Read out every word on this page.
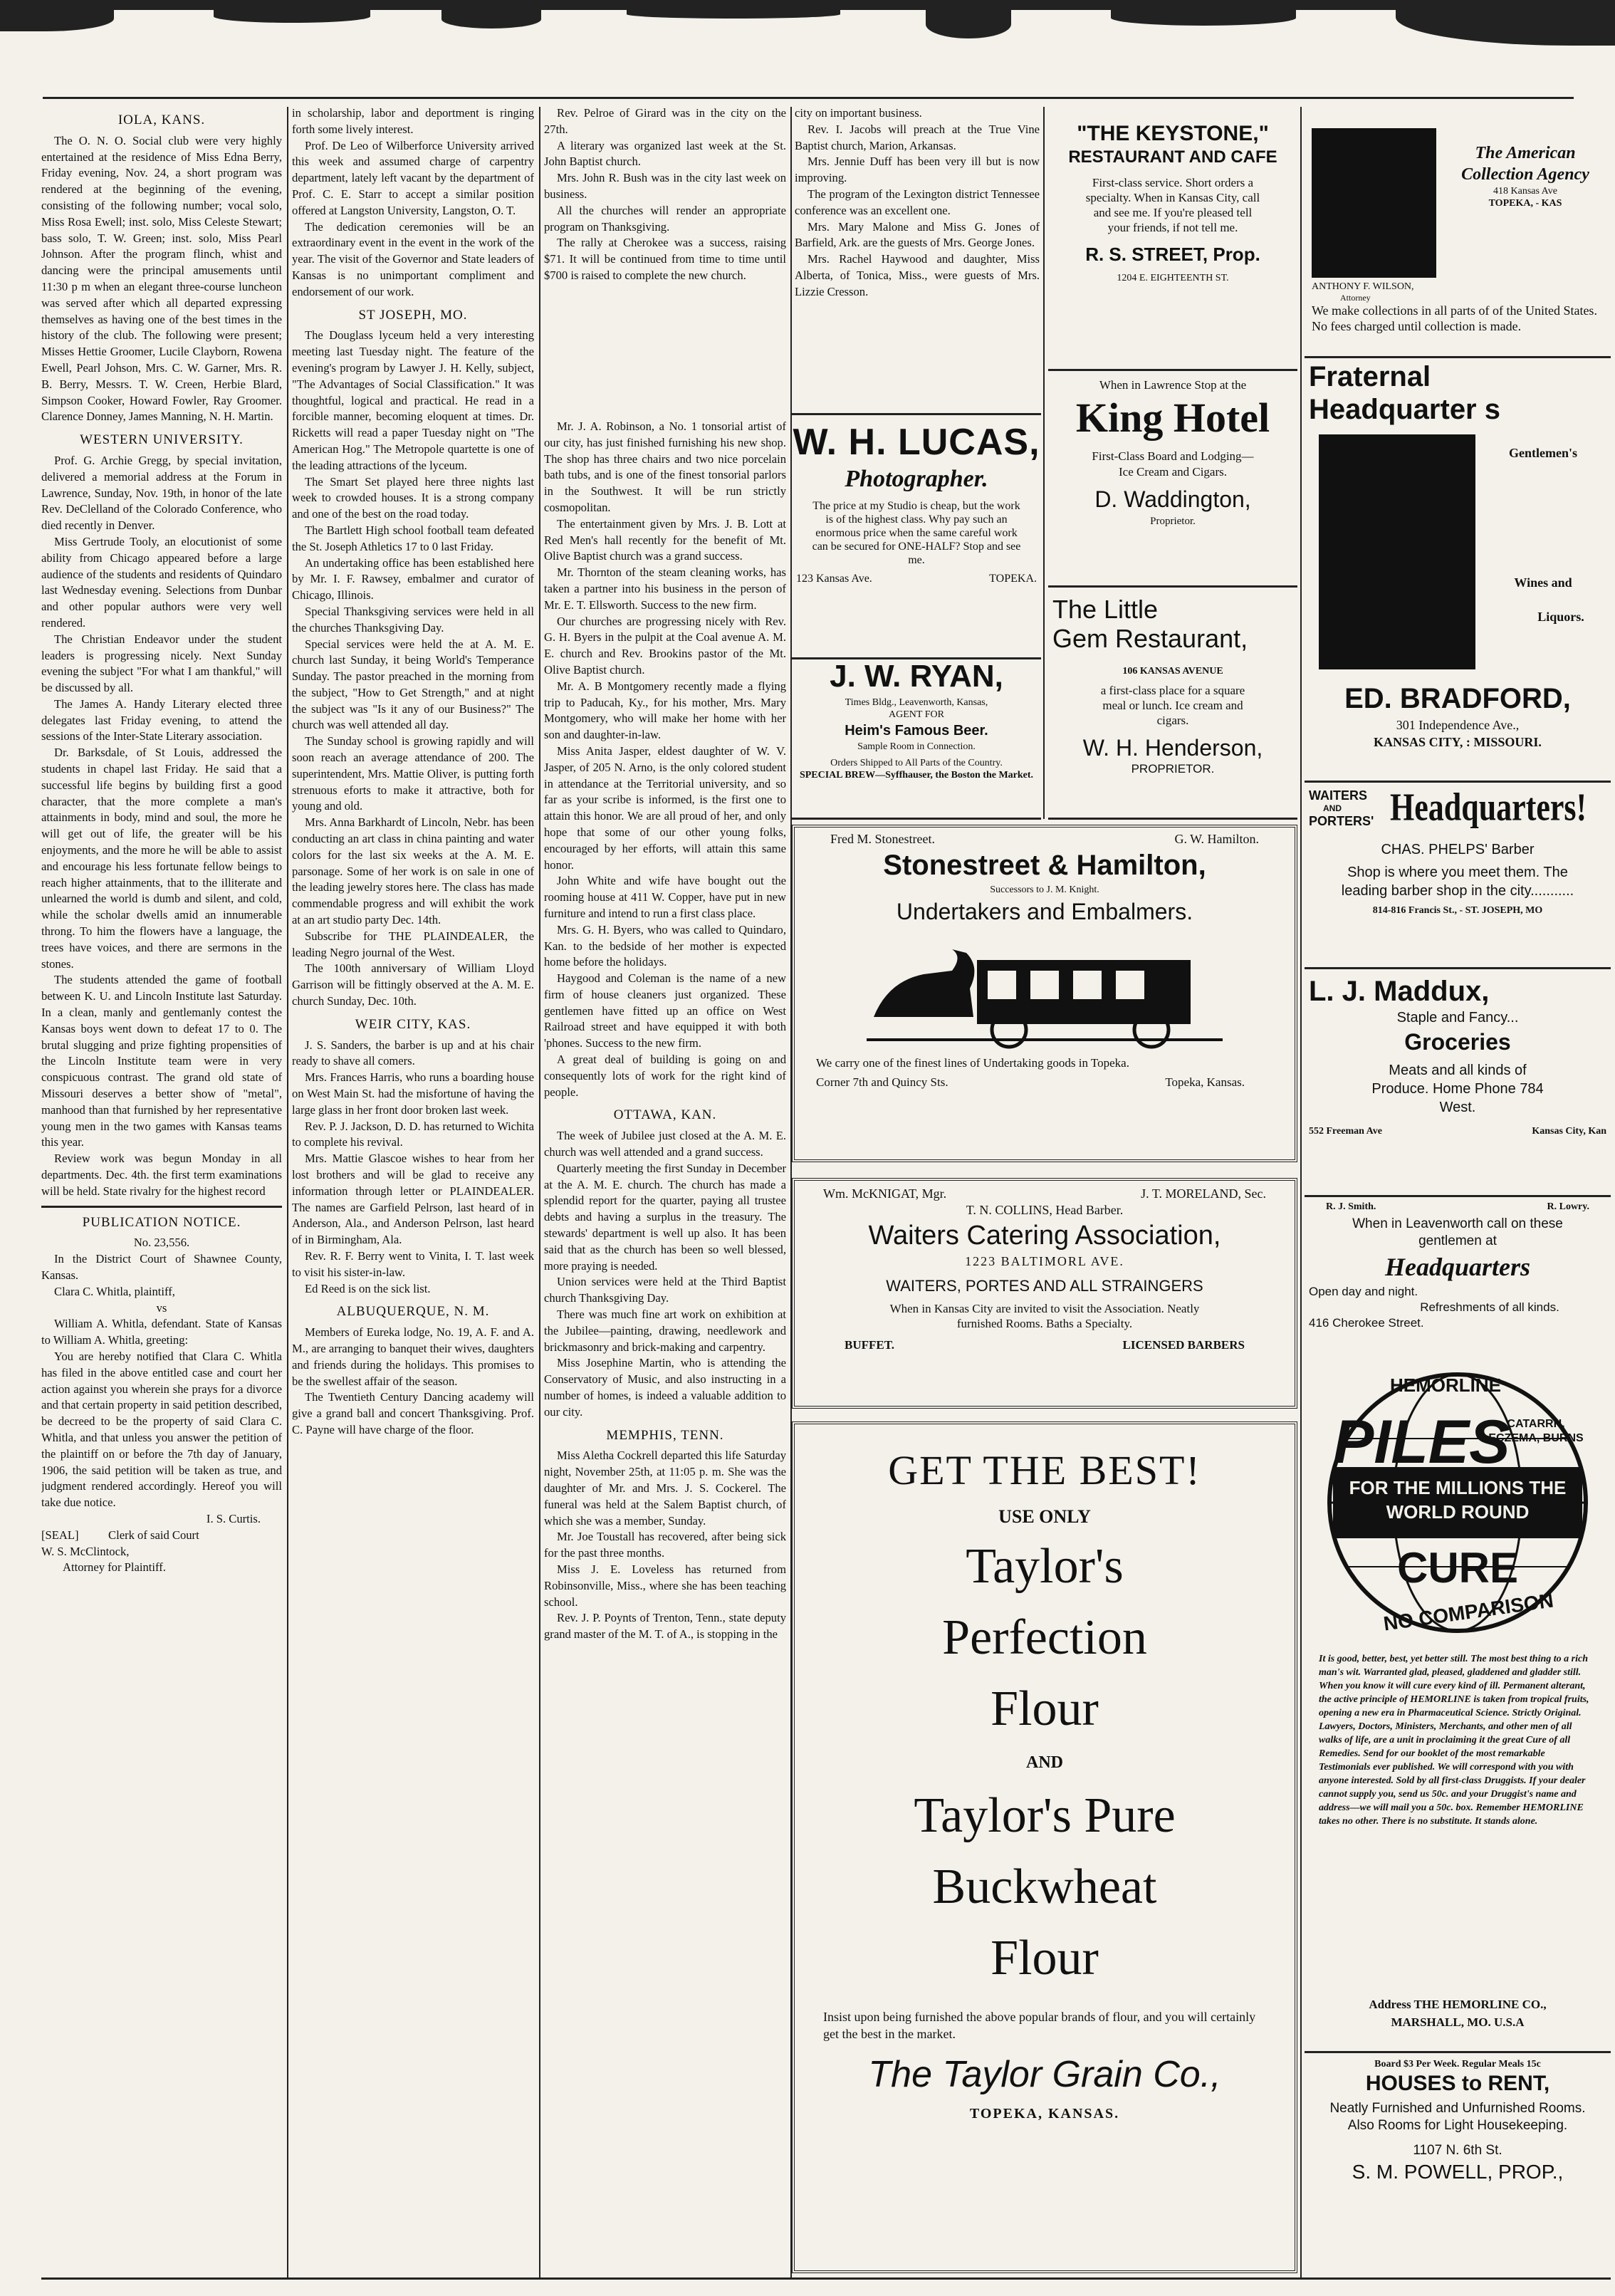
IOLA, KANS.

The O. N. O. Social club were very highly entertained at the residence of Miss Edna Berry, Friday evening, Nov. 24, a short program was rendered at the beginning of the evening, consisting of the following number; vocal solo, Miss Rosa Ewell; inst. solo, Miss Celeste Stewart; bass solo, T. W. Green; inst. solo, Miss Pearl Johnson. After the program flinch, whist and dancing were the principal amusements until 11:30 p m when an elegant three-course luncheon was served after which all departed expressing themselves as having one of the best times in the history of the club. The following were present; Misses Hettie Groomer, Lucile Clayborn, Rowena Ewell, Pearl Johson, Mrs. C. W. Garner, Mrs. R. B. Berry, Messrs. T. W. Creen, Herbie Blard, Simpson Cooker, Howard Fowler, Ray Groomer. Clarence Donney, James Manning, N. H. Martin.

WESTERN UNIVERSITY.

Prof. G. Archie Gregg, by special invitation, delivered a memorial address at the Forum in Lawrence, Sunday, Nov. 19th, in honor of the late Rev. DeClelland of the Colorado Conference, who died recently in Denver.

Miss Gertrude Tooly, an elocutionist of some ability from Chicago appeared before a large audience of the students and residents of Quindaro last Wednesday evening. Selections from Dunbar and other popular authors were very well rendered.

The Christian Endeavor under the student leaders is progressing nicely. Next Sunday evening the subject "For what I am thankful," will be discussed by all.

The James A. Handy Literary elected three delegates last Friday evening, to attend the sessions of the Inter-State Literary association.

Dr. Barksdale, of St Louis, addressed the students in chapel last Friday. He said that a successful life begins by building first a good character, that the more complete a man's attainments in body, mind and soul, the more he will get out of life, the greater will be his enjoyments, and the more he will be able to assist and encourage his less fortunate fellow beings to reach higher attainments, that to the illiterate and unlearned the world is dumb and silent, and cold, while the scholar dwells amid an innumerable throng. To him the flowers have a language, the trees have voices, and there are sermons in the stones.

The students attended the game of football between K. U. and Lincoln Institute last Saturday. In a clean, manly and gentlemanly contest the Kansas boys went down to defeat 17 to 0. The brutal slugging and prize fighting propensities of the Lincoln Institute team were in very conspicuous contrast. The grand old state of Missouri deserves a better show of "metal", manhood than that furnished by her representative young men in the two games with Kansas teams this year.

Review work was begun Monday in all departments. Dec. 4th. the first term examinations will be held. State rivalry for the highest record

PUBLICATION NOTICE.

No. 23,556.

In the District Court of Shawnee County, Kansas.

Clara C. Whitla, plaintiff,

vs

William A. Whitla, defendant. State of Kansas to William A. Whitla, greeting:

You are hereby notified that Clara C. Whitla has filed in the above entitled case and court her action against you wherein she prays for a divorce and that certain property in said petition described, be decreed to be the property of said Clara C. Whitla, and that unless you answer the petition of the plaintiff on or before the 7th day of January, 1906, the said petition will be taken as true, and judgment rendered accordingly. Hereof you will take due notice.

I. S. Curtis.

[SEAL]          Clerk of said Court

W. S. McClintock,

Attorney for Plaintiff.

in scholarship, labor and deportment is ringing forth some lively interest.

Prof. De Leo of Wilberforce University arrived this week and assumed charge of carpentry department, lately left vacant by the department of Prof. C. E. Starr to accept a similar position offered at Langston University, Langston, O. T.

The dedication ceremonies will be an extraordinary event in the event in the work of the year. The visit of the Governor and State leaders of Kansas is no unimportant compliment and endorsement of our work.

ST JOSEPH, MO.

The Douglass lyceum held a very interesting meeting last Tuesday night. The feature of the evening's program by Lawyer J. H. Kelly, subject, "The Advantages of Social Classification." It was thoughtful, logical and practical. He read in a forcible manner, becoming eloquent at times. Dr. Ricketts will read a paper Tuesday night on "The American Hog." The Metropole quartette is one of the leading attractions of the lyceum.

The Smart Set played here three nights last week to crowded houses. It is a strong company and one of the best on the road today.

The Bartlett High school football team defeated the St. Joseph Athletics 17 to 0 last Friday.

An undertaking office has been established here by Mr. I. F. Rawsey, embalmer and curator of Chicago, Illinois.

Special Thanksgiving services were held in all the churches Thanksgiving Day.

Special services were held the at A. M. E. church last Sunday, it being World's Temperance Sunday. The pastor preached in the morning from the subject, "How to Get Strength," and at night the subject was "Is it any of our Business?" The church was well attended all day.

The Sunday school is growing rapidly and will soon reach an average attendance of 200. The superintendent, Mrs. Mattie Oliver, is putting forth strenuous eforts to make it attractive, both for young and old.

Mrs. Anna Barkhardt of Lincoln, Nebr. has been conducting an art class in china painting and water colors for the last six weeks at the A. M. E. parsonage. Some of her work is on sale in one of the leading jewelry stores here. The class has made commendable progress and will exhibit the work at an art studio party Dec. 14th.

Subscribe for THE PLAINDEALER, the leading Negro journal of the West.

The 100th anniversary of William Lloyd Garrison will be fittingly observed at the A. M. E. church Sunday, Dec. 10th.

WEIR CITY, KAS.

J. S. Sanders, the barber is up and at his chair ready to shave all comers.

Mrs. Frances Harris, who runs a boarding house on West Main St. had the misfortune of having the large glass in her front door broken last week.

Rev. P. J. Jackson, D. D. has returned to Wichita to complete his revival.

Mrs. Mattie Glascoe wishes to hear from her lost brothers and will be glad to receive any information through letter or PLAINDEALER. The names are Garfield Pelrson, last heard of in Anderson, Ala., and Anderson Pelrson, last heard of in Birmingham, Ala.

Rev. R. F. Berry went to Vinita, I. T. last week to visit his sister-in-law.

Ed Reed is on the sick list.

ALBUQUERQUE, N. M.

Members of Eureka lodge, No. 19, A. F. and A. M., are arranging to banquet their wives, daughters and friends during the holidays. This promises to be the swellest affair of the season.

The Twentieth Century Dancing academy will give a grand ball and concert Thanksgiving. Prof. C. Payne will have charge of the floor.

Rev. Pelroe of Girard was in the city on the 27th.

A literary was organized last week at the St. John Baptist church.

Mrs. John R. Bush was in the city last week on business.

All the churches will render an appropriate program on Thanksgiving.

The rally at Cherokee was a success, raising $71. It will be continued from time to time until $700 is raised to complete the new church.

W. H. LUCAS,
Photographer.
The price at my Studio is cheap, but the work is of the highest class. Why pay such an enormous price when the same careful work can be secured for ONE-HALF? Stop and see me.
123 Kansas Ave.	TOPEKA.
J. W. RYAN,
Times Bldg., Leavenworth, Kansas,
AGENT FOR
Heim's Famous Beer.
Sample Room in Connection.
Orders Shipped to All Parts of the Country.
SPECIAL BREW—Syffhauser, the Boston the Market.

Mr. J. A. Robinson, a No. 1 tonsorial artist of our city, has just finished furnishing his new shop. The shop has three chairs and two nice porcelain bath tubs, and is one of the finest tonsorial parlors in the Southwest. It will be run strictly cosmopolitan.

The entertainment given by Mrs. J. B. Lott at Red Men's hall recently for the benefit of Mt. Olive Baptist church was a grand success.

Mr. Thornton of the steam cleaning works, has taken a partner into his business in the person of Mr. E. T. Ellsworth. Success to the new firm.

Our churches are progressing nicely with Rev. G. H. Byers in the pulpit at the Coal avenue A. M. E. church and Rev. Brookins pastor of the Mt. Olive Baptist church.

Mr. A. B Montgomery recently made a flying trip to Paducah, Ky., for his mother, Mrs. Mary Montgomery, who will make her home with her son and daughter-in-law.

Miss Anita Jasper, eldest daughter of W. V. Jasper, of 205 N. Arno, is the only colored student in attendance at the Territorial university, and so far as your scribe is informed, is the first one to attain this honor. We are all proud of her, and only hope that some of our other young folks, encouraged by her efforts, will attain this same honor.

John White and wife have bought out the rooming house at 411 W. Copper, have put in new furniture and intend to run a first class place.

Mrs. G. H. Byers, who was called to Quindaro, Kan. to the bedside of her mother is expected home before the holidays.

Haygood and Coleman is the name of a new firm of house cleaners just organized. These gentlemen have fitted up an office on West Railroad street and have equipped it with both 'phones. Success to the new firm.

A great deal of building is going on and consequently lots of work for the right kind of people.

OTTAWA, KAN.

The week of Jubilee just closed at the A. M. E. church was well attended and a grand success.

Quarterly meeting the first Sunday in December at the A. M. E. church. The church has made a splendid report for the quarter, paying all trustee debts and having a surplus in the treasury. The stewards' department is well up also. It has been said that as the church has been so well blessed, more praying is needed.

Union services were held at the Third Baptist church Thanksgiving Day.

There was much fine art work on exhibition at the Jubilee—painting, drawing, needlework and brickmasonry and brick-making and carpentry.

Miss Josephine Martin, who is attending the Conservatory of Music, and also instructing in a number of homes, is indeed a valuable addition to our city.

MEMPHIS, TENN.

Miss Aletha Cockrell departed this life Saturday night, November 25th, at 11:05 p. m. She was the daughter of Mr. and Mrs. J. S. Cockerel. The funeral was held at the Salem Baptist church, of which she was a member, Sunday.

Mr. Joe Toustall has recovered, after being sick for the past three months.

Miss J. E. Loveless has returned from Robinsonville, Miss., where she has been teaching school.

Rev. J. P. Poynts of Trenton, Tenn., state deputy grand master of the M. T. of A., is stopping in the

city on important business.

Rev. I. Jacobs will preach at the True Vine Baptist church, Marion, Arkansas.

Mrs. Jennie Duff has been very ill but is now improving.

The program of the Lexington district Tennessee conference was an excellent one.

Mrs. Mary Malone and Miss G. Jones of Barfield, Ark. are the guests of Mrs. George Jones.

Mrs. Rachel Haywood and daughter, Miss Alberta, of Tonica, Miss., were guests of Mrs. Lizzie Cresson.

"THE KEYSTONE,"
RESTAURANT AND CAFE
First-class service. Short orders a specialty. When in Kansas City, call and see me. If you're pleased tell your friends, if not tell me.
R. S. STREET, Prop.
1204 E. EIGHTEENTH ST.
When in Lawrence Stop at the
King Hotel
First-Class Board and Lodging—
Ice Cream and Cigars.
D. Waddington,
Proprietor.
The Little
Gem Restaurant,
106 KANSAS AVENUE
a first-class place for a square meal or lunch. Ice cream and cigars.
W. H. Henderson,
PROPRIETOR.
The American Collection Agency
418 Kansas Ave
TOPEKA, - KAS
ANTHONY F. WILSON,
Attorney
We make collections in all parts of of the United States. No fees charged until collection is made.
Fraternal
Headquarter s
Gentlemen's
Wines and
Liquors.
ED. BRADFORD,
301 Independence Ave.,
KANSAS CITY, : MISSOURI.
WAITERS
AND
PORTERS' Headquarters!
CHAS. PHELPS' Barber
Shop is where you meet them. The leading barber shop in the city...........
814-816 Francis St., - ST. JOSEPH, MO
L. J. Maddux,
Staple and Fancy...
Groceries
Meats and all kinds of Produce. Home Phone 784 West.
552 Freeman Ave	Kansas City, Kan
R. J. Smith.	R. Lowry.
When in Leavenworth call on these gentlemen at
Headquarters
Open day and night.
Refreshments of all kinds.
416 Cherokee Street.
HEMORLINE
PILES
CATARRH, ECZEMA, BURNS
FOR THE MILLIONS THE WORLD ROUND
CURE
NO COMPARISON
It is good, better, best, yet better still. The most best thing to a rich man's wit. Warranted glad, pleased, gladdened and gladder still. When you know it will cure every kind of ill. Permanent alterant, the active principle of HEMORLINE is taken from tropical fruits, opening a new era in Pharmaceutical Science. Strictly Original. Lawyers, Doctors, Ministers, Merchants, and other men of all walks of life, are a unit in proclaiming it the great Cure of all Remedies. Send for our booklet of the most remarkable Testimonials ever published. We will correspond with you with anyone interested. Sold by all first-class Druggists. If your dealer cannot supply you, send us 50c. and your Druggist's name and address—we will mail you a 50c. box. Remember HEMORLINE takes no other. There is no substitute. It stands alone.
Address THE HEMORLINE CO.,
MARSHALL, MO. U.S.A
Board $3 Per Week. Regular Meals 15c
HOUSES to RENT,
Neatly Furnished and Unfurnished Rooms. Also Rooms for Light Housekeeping.
1107 N. 6th St.
S. M. POWELL, PROP.,
Fred M. Stonestreet.	G. W. Hamilton.
Stonestreet & Hamilton,
Successors to J. M. Knight.
Undertakers and Embalmers.
We carry one of the finest lines of Undertaking goods in Topeka.
Corner 7th and Quincy Sts.	Topeka, Kansas.
Wm. McKNIGAT, Mgr.	J. T. MORELAND, Sec.
T. N. COLLINS, Head Barber.
Waiters Catering Association,
1223 BALTIMORL AVE.
WAITERS, PORTES AND ALL STRAINGERS
When in Kansas City are invited to visit the Association. Neatly furnished Rooms. Baths a Specialty.
BUFFET.	LICENSED BARBERS
GET THE BEST!
USE ONLY
Taylor's
Perfection
Flour
AND
Taylor's Pure
Buckwheat
Flour
Insist upon being furnished the above popular brands of flour, and you will certainly get the best in the market.
The Taylor Grain Co.,
TOPEKA, KANSAS.
